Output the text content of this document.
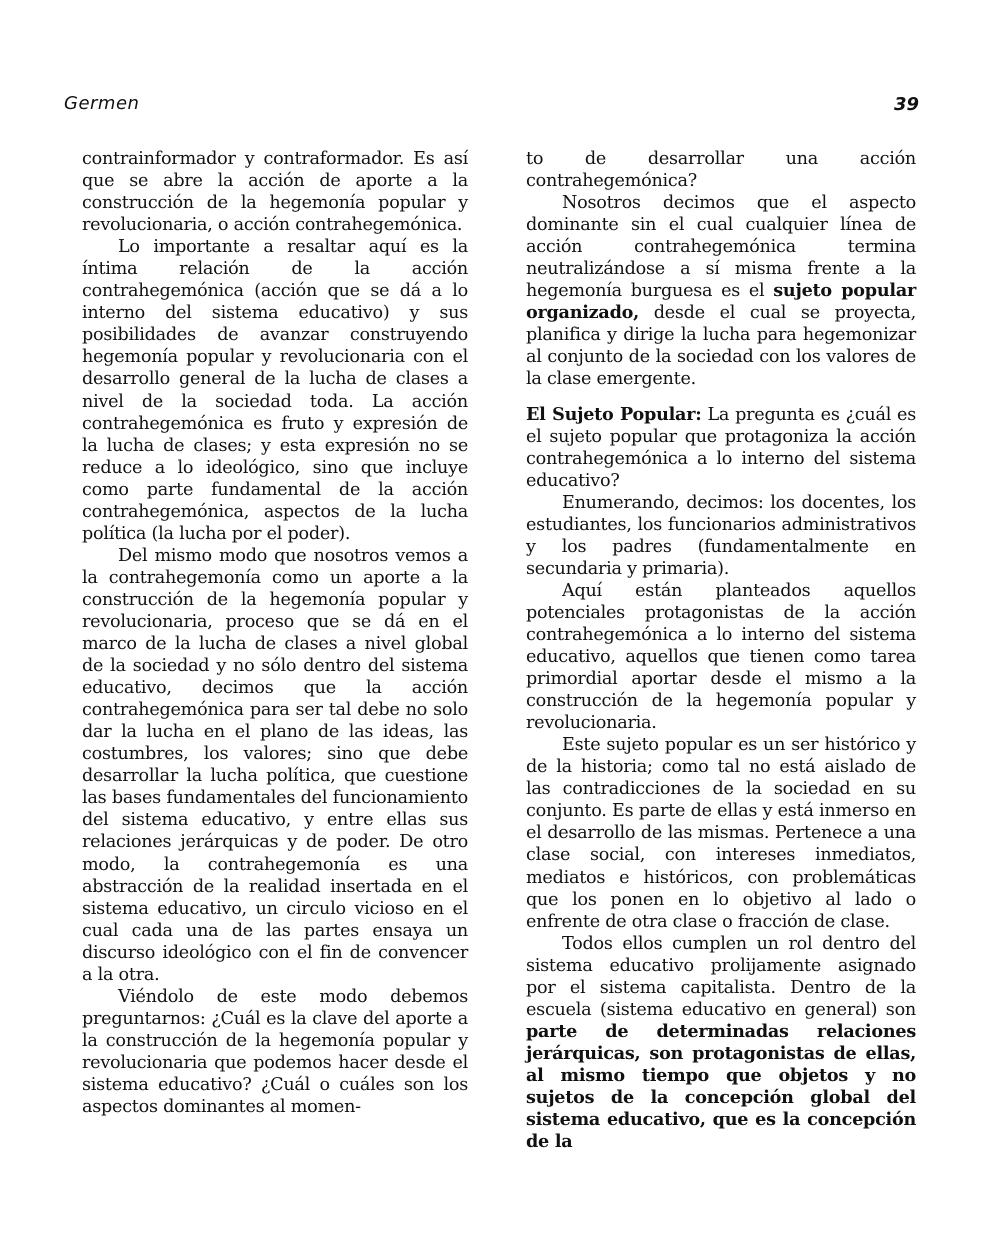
Germen	39

contrainformador y contraformador. Es así que se abre la acción de aporte a la construcción de la hegemonía popular y revolucionaria, o acción contrahegemónica.

Lo importante a resaltar aquí es la íntima relación de la acción contrahegemónica (acción que se dá a lo interno del sistema educativo) y sus posibilidades de avanzar construyendo hegemonía popular y revolucionaria con el desarrollo general de la lucha de clases a nivel de la sociedad toda. La acción contrahegemónica es fruto y expresión de la lucha de clases; y esta expresión no se reduce a lo ideológico, sino que incluye como parte fundamental de la acción contrahegemónica, aspectos de la lucha política (la lucha por el poder).

Del mismo modo que nosotros vemos a la contrahegemonía como un aporte a la construcción de la hegemonía popular y revolucionaria, proceso que se dá en el marco de la lucha de clases a nivel global de la sociedad y no sólo dentro del sistema educativo, decimos que la acción contrahegemónica para ser tal debe no solo dar la lucha en el plano de las ideas, las costumbres, los valores; sino que debe desarrollar la lucha política, que cuestione las bases fundamentales del funcionamiento del sistema educativo, y entre ellas sus relaciones jerárquicas y de poder. De otro modo, la contrahegemonía es una abstracción de la realidad insertada en el sistema educativo, un circulo vicioso en el cual cada una de las partes ensaya un discurso ideológico con el fin de convencer a la otra.

Viéndolo de este modo debemos preguntarnos: ¿Cuál es la clave del aporte a la construcción de la hegemonía popular y revolucionaria que podemos hacer desde el sistema educativo? ¿Cuál o cuáles son los aspectos dominantes al momen-

to de desarrollar una acción contrahegemónica?

Nosotros decimos que el aspecto dominante sin el cual cualquier línea de acción contrahegemónica termina neutralizándose a sí misma frente a la hegemonía burguesa es el sujeto popular organizado, desde el cual se proyecta, planifica y dirige la lucha para hegemonizar al conjunto de la sociedad con los valores de la clase emergente.

El Sujeto Popular: La pregunta es ¿cuál es el sujeto popular que protagoniza la acción contrahegemónica a lo interno del sistema educativo?

Enumerando, decimos: los docentes, los estudiantes, los funcionarios administrativos y los padres (fundamentalmente en secundaria y primaria).

Aquí están planteados aquellos potenciales protagonistas de la acción contrahegemónica a lo interno del sistema educativo, aquellos que tienen como tarea primordial aportar desde el mismo a la construcción de la hegemonía popular y revolucionaria.

Este sujeto popular es un ser histórico y de la historia; como tal no está aislado de las contradicciones de la sociedad en su conjunto. Es parte de ellas y está inmerso en el desarrollo de las mismas. Pertenece a una clase social, con intereses inmediatos, mediatos e históricos, con problemáticas que los ponen en lo objetivo al lado o enfrente de otra clase o fracción de clase.

Todos ellos cumplen un rol dentro del sistema educativo prolijamente asignado por el sistema capitalista. Dentro de la escuela (sistema educativo en general) son parte de determinadas relaciones jerárquicas, son protagonistas de ellas, al mismo tiempo que objetos y no sujetos de la concepción global del sistema educativo, que es la concepción de la
